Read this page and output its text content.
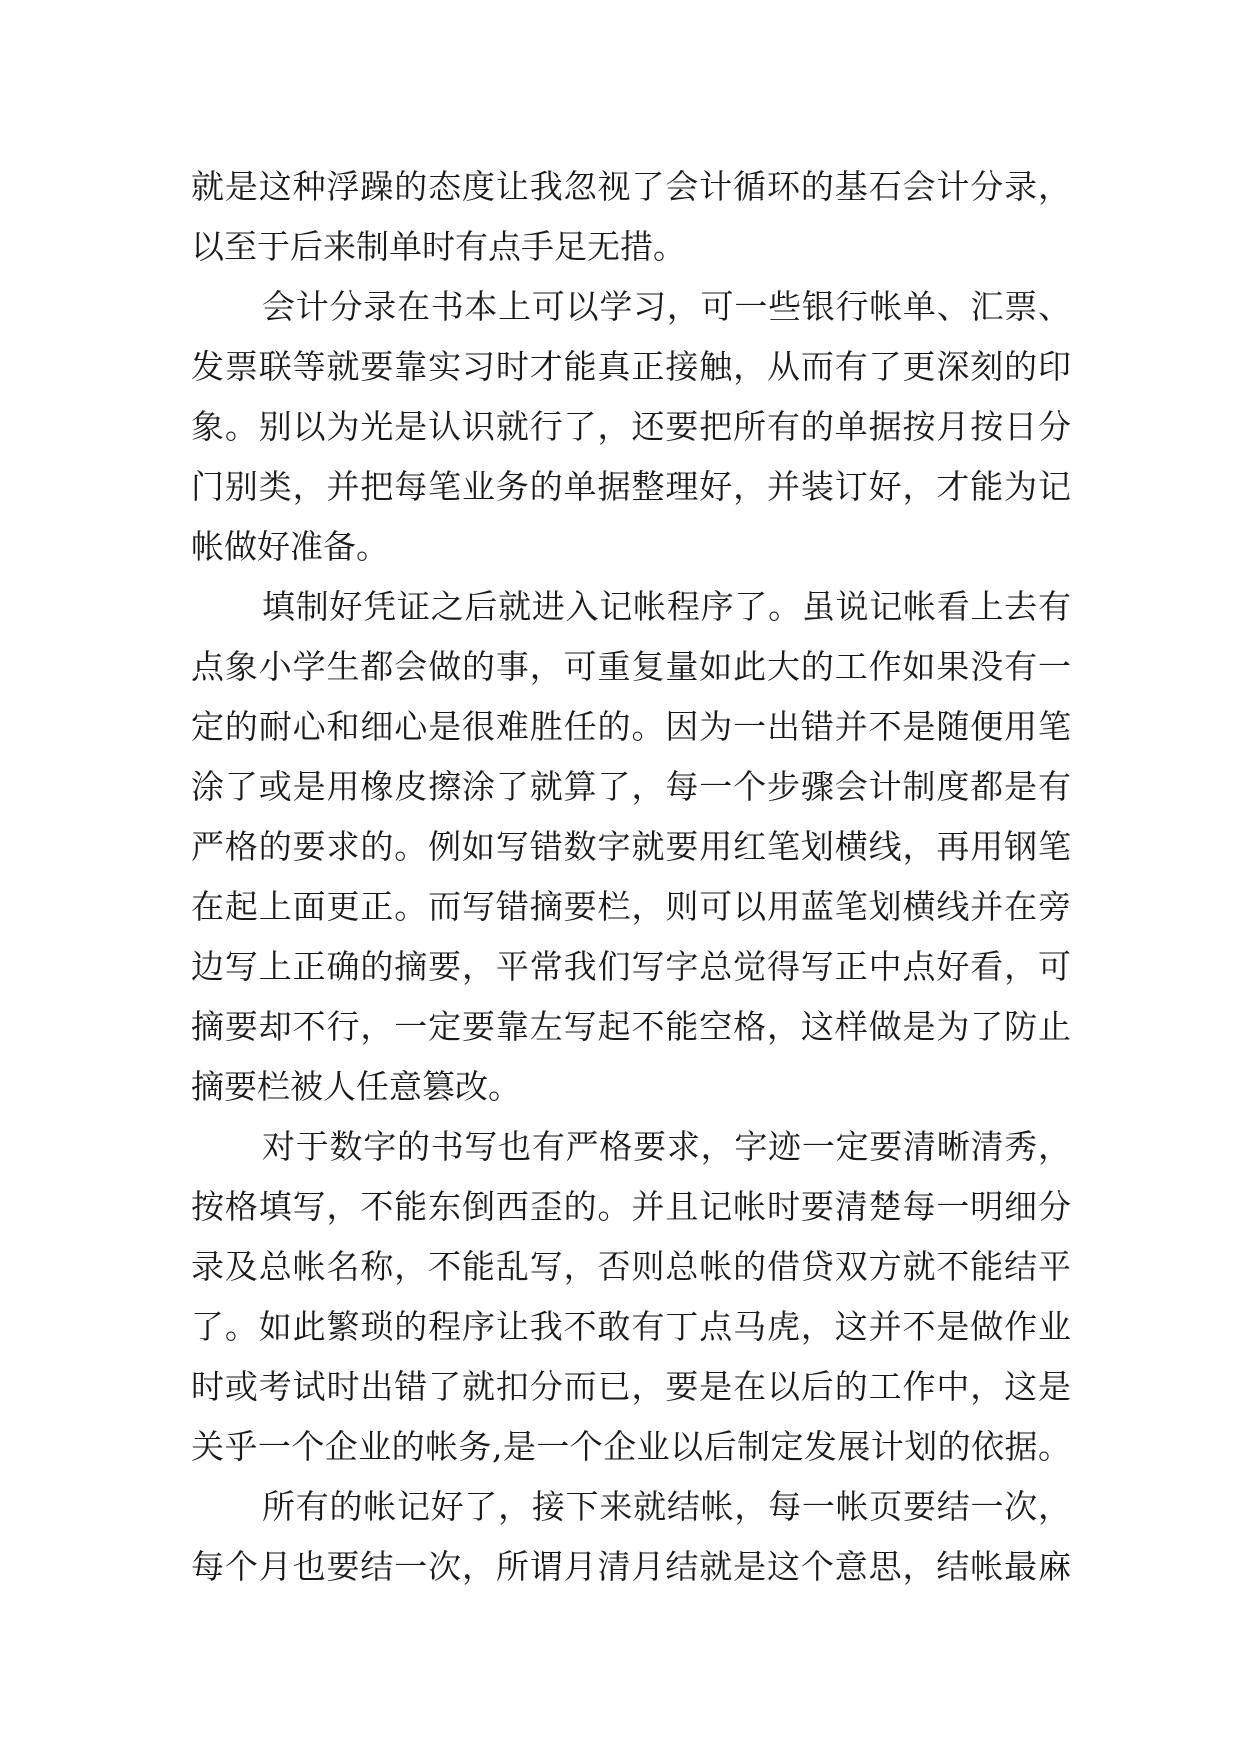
就是这种浮躁的态度让我忽视了会计循环的基石会计分录，
以至于后来制单时有点手足无措。
会计分录在书本上可以学习，可一些银行帐单、汇票、
发票联等就要靠实习时才能真正接触，从而有了更深刻的印
象。别以为光是认识就行了，还要把所有的单据按月按日分
门别类，并把每笔业务的单据整理好，并装订好，才能为记
帐做好准备。
填制好凭证之后就进入记帐程序了。虽说记帐看上去有
点象小学生都会做的事，可重复量如此大的工作如果没有一
定的耐心和细心是很难胜任的。因为一出错并不是随便用笔
涂了或是用橡皮擦涂了就算了，每一个步骤会计制度都是有
严格的要求的。例如写错数字就要用红笔划横线，再用钢笔
在起上面更正。而写错摘要栏，则可以用蓝笔划横线并在旁
边写上正确的摘要，平常我们写字总觉得写正中点好看，可
摘要却不行，一定要靠左写起不能空格，这样做是为了防止
摘要栏被人任意篡改。
对于数字的书写也有严格要求，字迹一定要清晰清秀，
按格填写，不能东倒西歪的。并且记帐时要清楚每一明细分
录及总帐名称，不能乱写，否则总帐的借贷双方就不能结平
了。如此繁琐的程序让我不敢有丁点马虎，这并不是做作业
时或考试时出错了就扣分而已，要是在以后的工作中，这是
关乎一个企业的帐务,是一个企业以后制定发展计划的依据。
所有的帐记好了，接下来就结帐，每一帐页要结一次，
每个月也要结一次，所谓月清月结就是这个意思，结帐最麻
